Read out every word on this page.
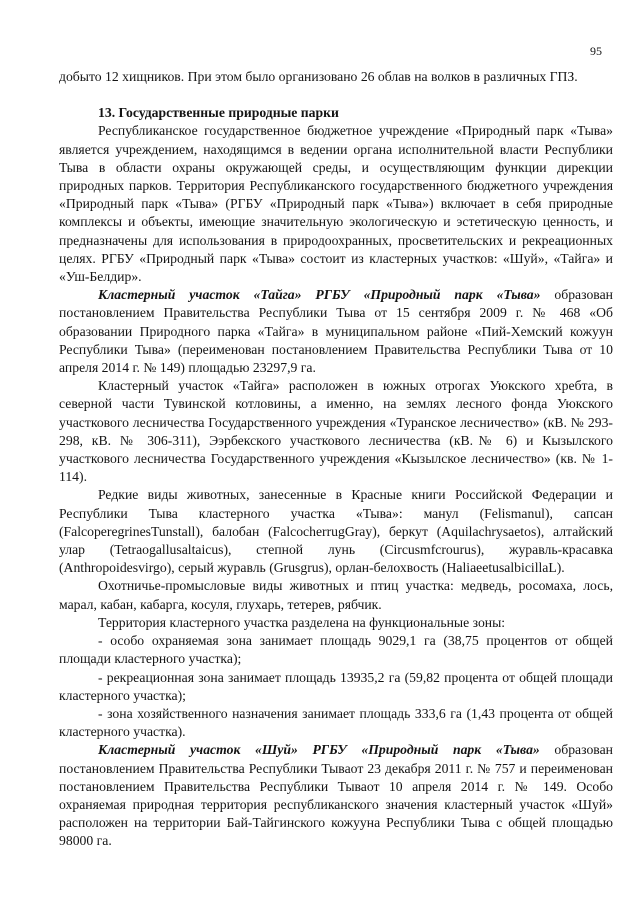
95

добыто 12 хищников. При этом было организовано 26 облав на волков в различных ГПЗ.

13. Государственные природные парки

Республиканское государственное бюджетное учреждение «Природный парк «Тыва» является учреждением, находящимся в ведении органа исполнительной власти Республики Тыва в области охраны окружающей среды, и осуществляющим функции дирекции природных парков. Территория Республиканского государственного бюджетного учреждения «Природный парк «Тыва» (РГБУ «Природный парк «Тыва») включает в себя природные комплексы и объекты, имеющие значительную экологическую и эстетическую ценность, и предназначены для использования в природоохранных, просветительских и рекреационных целях. РГБУ «Природный парк «Тыва» состоит из кластерных участков: «Шуй», «Тайга» и «Уш-Белдир».

Кластерный участок «Тайга» РГБУ «Природный парк «Тыва» образован постановлением Правительства Республики Тыва от 15 сентября 2009 г. № 468 «Об образовании Природного парка «Тайга» в муниципальном районе «Пий-Хемский кожуун Республики Тыва» (переименован постановлением Правительства Республики Тыва от 10 апреля 2014 г. № 149) площадью 23297,9 га.

Кластерный участок «Тайга» расположен в южных отрогах Уюкского хребта, в северной части Тувинской котловины, а именно, на землях лесного фонда Уюкского участкового лесничества Государственного учреждения «Туранское лесничество» (кВ. № 293-298, кВ. № 306-311), Ээрбекского участкового лесничества (кВ.№ 6) и Кызылского участкового лесничества Государственного учреждения «Кызылское лесничество» (кв. № 1-114).

Редкие виды животных, занесенные в Красные книги Российской Федерации и Республики Тыва кластерного участка «Тыва»: манул (Felismanul), сапсан (FalcoperegrinesTunstall), балобан (FalcocherrugGray), беркут (Aquilachrysaetos), алтайский улар (Tetraogallusaltaicus), степной лунь (Circusmfcrourus), журавль-красавка (Anthropoidesvirgo), серый журавль (Grusgrus), орлан-белохвость (HaliaeetusalbicillaL).

Охотничье-промысловые виды животных и птиц участка: медведь, росомаха, лось, марал, кабан, кабарга, косуля, глухарь, тетерев, рябчик.

Территория кластерного участка разделена на функциональные зоны:

- особо охраняемая зона занимает площадь 9029,1 га (38,75 процентов от общей площади кластерного участка);

- рекреационная зона занимает площадь 13935,2 га (59,82 процента от общей площади кластерного участка);

- зона хозяйственного назначения занимает площадь 333,6 га (1,43 процента от общей кластерного участка).

Кластерный участок «Шуй» РГБУ «Природный парк «Тыва» образован постановлением Правительства Республики Тываот 23 декабря 2011 г. № 757 и переименован постановлением Правительства Республики Тываот 10 апреля 2014 г. № 149. Особо охраняемая природная территория республиканского значения кластерный участок «Шуй» расположен на территории Бай-Тайгинского кожууна Республики Тыва с общей площадью 98000 га.
